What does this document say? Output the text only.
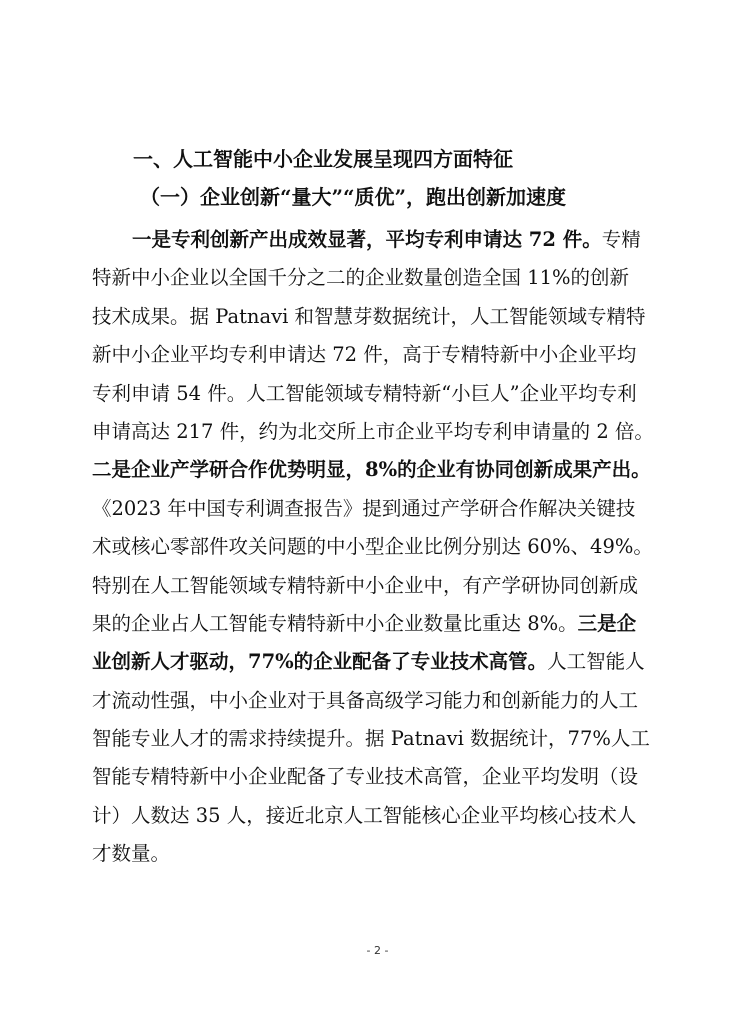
一、人工智能中小企业发展呈现四方面特征
（一）企业创新“量大”“质优”，跑出创新加速度
一是专利创新产出成效显著，平均专利申请达 72 件。专精
特新中小企业以全国千分之二的企业数量创造全国 11%的创新
技术成果。据 Patnavi 和智慧芽数据统计，人工智能领域专精特
新中小企业平均专利申请达 72 件，高于专精特新中小企业平均
专利申请 54 件。人工智能领域专精特新“小巨人”企业平均专利
申请高达 217 件，约为北交所上市企业平均专利申请量的 2 倍。
二是企业产学研合作优势明显，8%的企业有协同创新成果产出。
《2023 年中国专利调查报告》提到通过产学研合作解决关键技
术或核心零部件攻关问题的中小型企业比例分别达 60%、49%。
特别在人工智能领域专精特新中小企业中，有产学研协同创新成
果的企业占人工智能专精特新中小企业数量比重达 8%。三是企
业创新人才驱动，77%的企业配备了专业技术高管。人工智能人
才流动性强，中小企业对于具备高级学习能力和创新能力的人工
智能专业人才的需求持续提升。据 Patnavi 数据统计，77%人工
智能专精特新中小企业配备了专业技术高管，企业平均发明（设
计）人数达 35 人，接近北京人工智能核心企业平均核心技术人
才数量。
- 2 -
